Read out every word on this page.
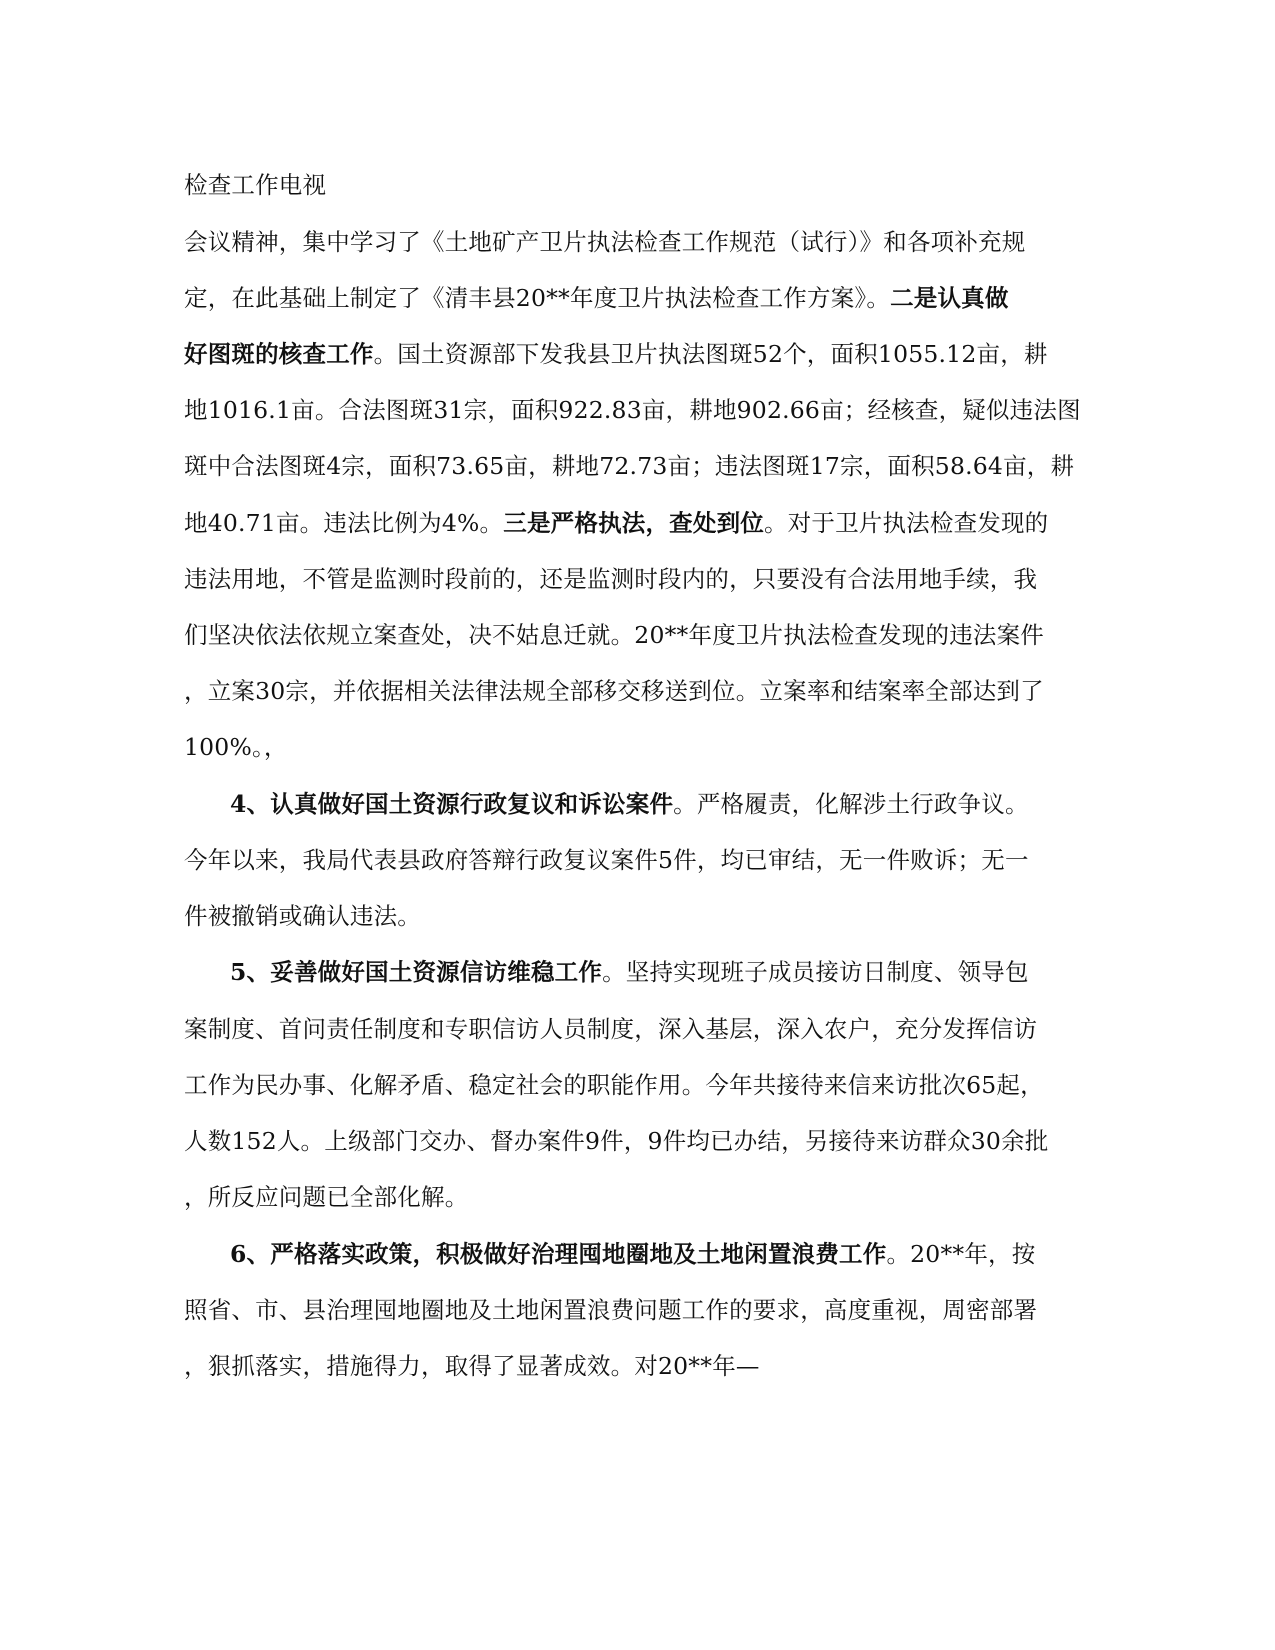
检查工作电视
会议精神，集中学习了《土地矿产卫片执法检查工作规范（试行）》和各项补充规
定，在此基础上制定了《清丰县20**年度卫片执法检查工作方案》。二是认真做
好图斑的核查工作。国土资源部下发我县卫片执法图斑52个，面积1055.12亩，耕
地1016.1亩。合法图斑31宗，面积922.83亩，耕地902.66亩；经核查，疑似违法图
斑中合法图斑4宗，面积73.65亩，耕地72.73亩；违法图斑17宗，面积58.64亩，耕
地40.71亩。违法比例为4%。三是严格执法，查处到位。对于卫片执法检查发现的
违法用地，不管是监测时段前的，还是监测时段内的，只要没有合法用地手续，我
们坚决依法依规立案查处，决不姑息迁就。20**年度卫片执法检查发现的违法案件
，立案30宗，并依据相关法律法规全部移交移送到位。立案率和结案率全部达到了
100%。，
4、认真做好国土资源行政复议和诉讼案件。严格履责，化解涉土行政争议。
今年以来，我局代表县政府答辩行政复议案件5件，均已审结，无一件败诉；无一
件被撤销或确认违法。
5、妥善做好国土资源信访维稳工作。坚持实现班子成员接访日制度、领导包
案制度、首问责任制度和专职信访人员制度，深入基层，深入农户，充分发挥信访
工作为民办事、化解矛盾、稳定社会的职能作用。今年共接待来信来访批次65起，
人数152人。上级部门交办、督办案件9件，9件均已办结，另接待来访群众30余批
，所反应问题已全部化解。
6、严格落实政策，积极做好治理囤地圈地及土地闲置浪费工作。20**年，按
照省、市、县治理囤地圈地及土地闲置浪费问题工作的要求，高度重视，周密部署
，狠抓落实，措施得力，取得了显著成效。对20**年—
